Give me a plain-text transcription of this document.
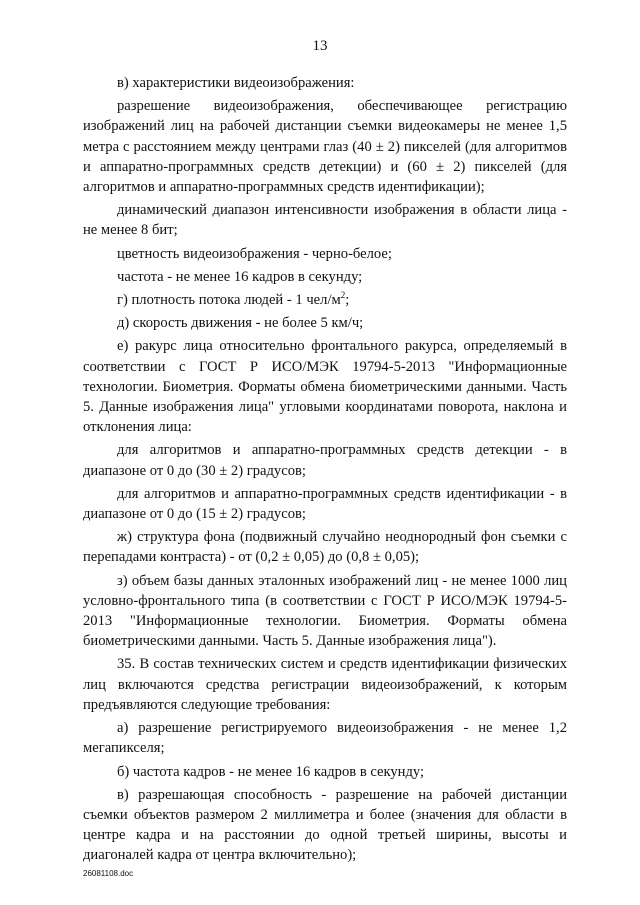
13

в) характеристики видеоизображения:

разрешение видеоизображения, обеспечивающее регистрацию изображений лиц на рабочей дистанции съемки видеокамеры не менее 1,5 метра с расстоянием между центрами глаз (40 ± 2) пикселей (для алгоритмов и аппаратно-программных средств детекции) и (60 ± 2) пикселей (для алгоритмов и аппаратно-программных средств идентификации);

динамический диапазон интенсивности изображения в области лица - не менее 8 бит;

цветность видеоизображения - черно-белое;

частота - не менее 16 кадров в секунду;

г) плотность потока людей - 1 чел/$м^2$;

д) скорость движения - не более 5 км/ч;

е) ракурс лица относительно фронтального ракурса, определяемый в соответствии с ГОСТ Р ИСО/МЭК 19794-5-2013 "Информационные технологии. Биометрия. Форматы обмена биометрическими данными. Часть 5. Данные изображения лица" угловыми координатами поворота, наклона и отклонения лица:

для алгоритмов и аппаратно-программных средств детекции - в диапазоне от 0 до (30 ± 2) градусов;

для алгоритмов и аппаратно-программных средств идентификации - в диапазоне от 0 до (15 ± 2) градусов;

ж) структура фона (подвижный случайно неоднородный фон съемки с перепадами контраста) - от (0,2 ± 0,05) до (0,8 ± 0,05);

з) объем базы данных эталонных изображений лиц - не менее 1000 лиц условно-фронтального типа (в соответствии с ГОСТ Р ИСО/МЭК 19794-5-2013 "Информационные технологии. Биометрия. Форматы обмена биометрическими данными. Часть 5. Данные изображения лица").

35. В состав технических систем и средств идентификации физических лиц включаются средства регистрации видеоизображений, к которым предъявляются следующие требования:

а) разрешение регистрируемого видеоизображения - не менее 1,2 мегапикселя;

б) частота кадров - не менее 16 кадров в секунду;

в) разрешающая способность - разрешение на рабочей дистанции съемки объектов размером 2 миллиметра и более (значения для области в центре кадра и на расстоянии до одной третьей ширины, высоты и диагоналей кадра от центра включительно);

26081108.doc
